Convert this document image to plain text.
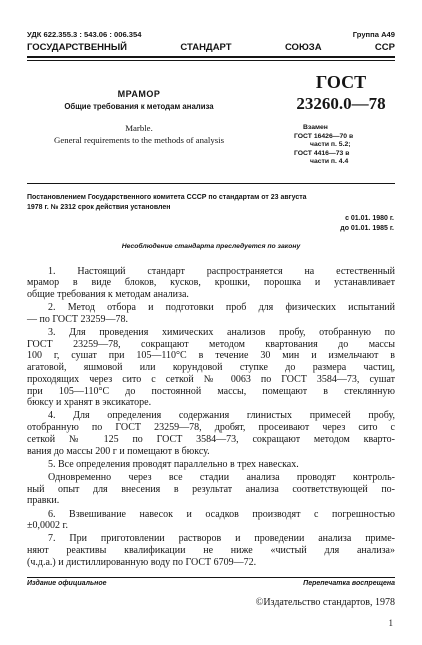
УДК 622.355.3 : 543.06 : 006.354	Группа А49
ГОСУДАРСТВЕННЫЙ	СТАНДАРТ	СОЮЗА	ССР
МРАМОР
Общие требования к методам анализа
Marble.
General requirements to the methods of analysis
ГОСТ
23260.0—78
Взамен
ГОСТ 16426—70 в
части п. 5.2;
ГОСТ 4416—73 в
части п. 4.4
Постановлением Государственного комитета СССР по стандартам от 23 августа
1978 г. № 2312 срок действия установлен
с 01.01. 1980 г.
до 01.01. 1985 г.
Несоблюдение стандарта преследуется по закону
1. Настоящий стандарт распространяется на естественный
мрамор в виде блоков, кусков, крошки, порошка и устанавливает
общие требования к методам анализа.
2. Метод отбора и подготовки проб для физических испытаний
— по ГОСТ 23259—78.
3. Для проведения химических анализов пробу, отобранную по
ГОСТ 23259—78, сокращают методом квартования до массы
100 г, сушат при 105—110°С в течение 30 мин и измельчают в
агатовой, яшмовой или корундовой ступке до размера частиц,
проходящих через сито с сеткой № 0063 по ГОСТ 3584—73, сушат
при 105—110°С до постоянной массы, помещают в стеклянную
бюксу и хранят в эксикаторе.
4. Для определения содержания глинистых примесей пробу,
отобранную по ГОСТ 23259—78, дробят, просеивают через сито с
сеткой № 125 по ГОСТ 3584—73, сокращают методом кварто-
вания до массы 200 г и помещают в бюксу.
5. Все определения проводят параллельно в трех навесках.
Одновременно через все стадии анализа проводят контроль-
ный опыт для внесения в результат анализа соответствующей по-
правки.
6. Взвешивание навесок и осадков производят с погрешностью
±0,0002 г.
7. При приготовлении растворов и проведении анализа приме-
няют реактивы квалификации не ниже «чистый для анализа»
(ч.д.а.) и дистиллированную воду по ГОСТ 6709—72.
Издание официальное	Перепечатка воспрещена
©Издательство стандартов, 1978
1
